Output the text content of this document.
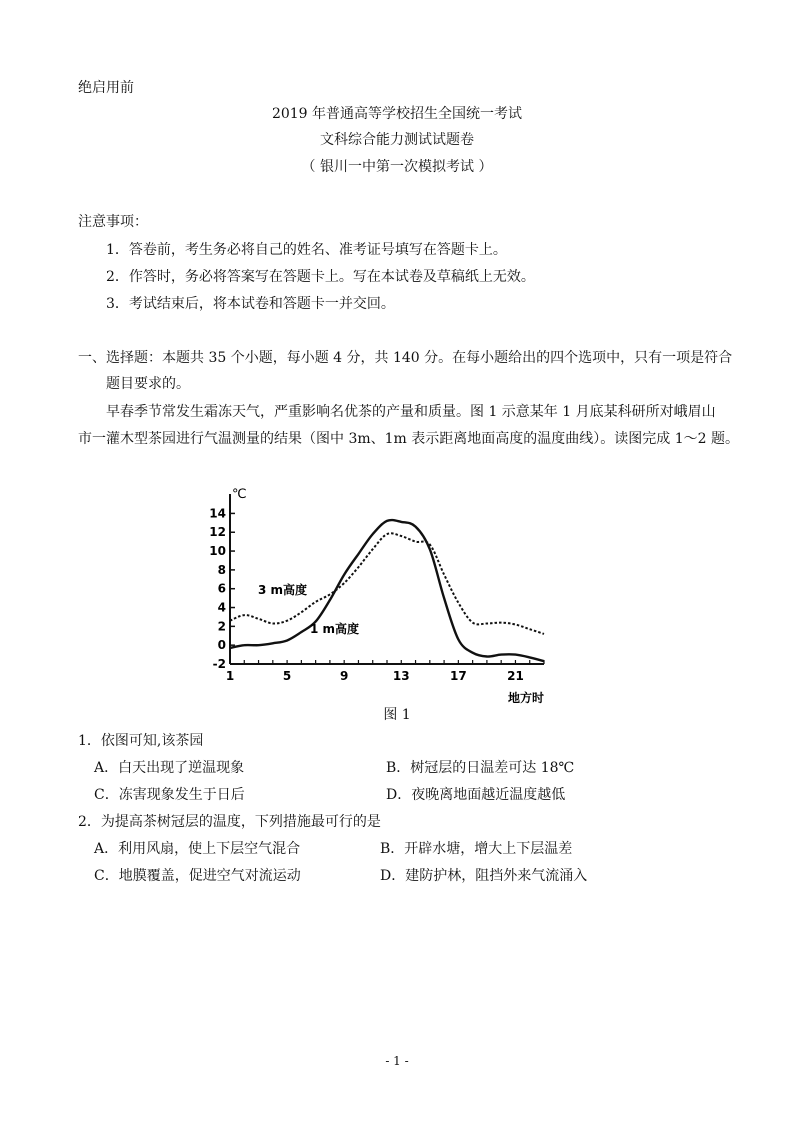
绝启用前
2019 年普通高等学校招生全国统一考试
文科综合能力测试试题卷
（ 银川一中第一次模拟考试 ）
注意事项：
1．答卷前，考生务必将自己的姓名、准考证号填写在答题卡上。
2．作答时，务必将答案写在答题卡上。写在本试卷及草稿纸上无效。
3．考试结束后，将本试卷和答题卡一并交回。
一、选择题：本题共 35 个小题，每小题 4 分，共 140 分。在每小题给出的四个选项中，只有一项是符合
题目要求的。
早春季节常发生霜冻天气，严重影响名优茶的产量和质量。图 1 示意某年 1 月底某科研所对峨眉山
市一灌木型茶园进行气温测量的结果（图中 3m、1m 表示距离地面高度的温度曲线）。读图完成 1～2 题。
14
12
10
8
6
4
2
0
-2
1	5	9	13	17	21
℃
地方时
3 m高度
1 m高度
图 1
1．依图可知,该茶园
A．白天出现了逆温现象	B．树冠层的日温差可达 18℃
C．冻害现象发生于日后	D．夜晚离地面越近温度越低
2．为提高茶树冠层的温度，下列措施最可行的是
A．利用风扇，使上下层空气混合	B．开辟水塘，增大上下层温差
C．地膜覆盖，促进空气对流运动	D．建防护林，阻挡外来气流涌入
- 1 -
